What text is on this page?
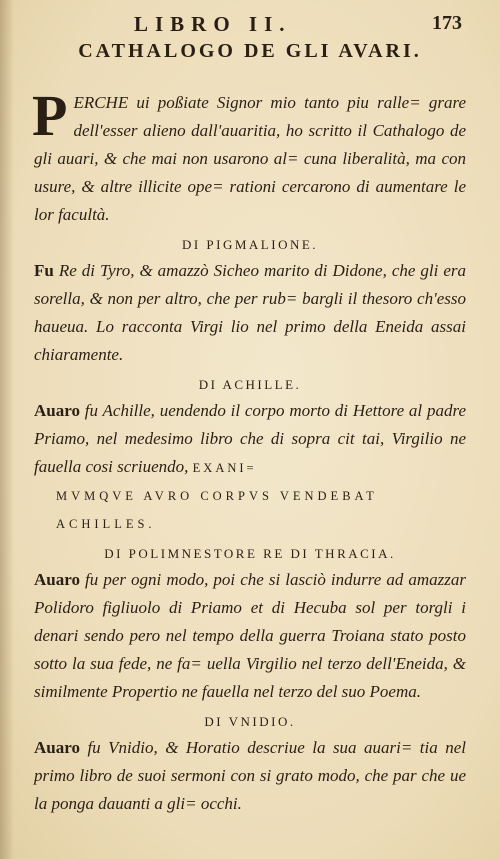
LIBRO II.	173
CATHALOGO DE GLI AVARI.

PERCHE ui poßiate Signor mio tanto piu ralle= grare dell'esser alieno dall'auaritia, ho scritto il Cathalogo de gli auari, & che mai non usarono al= cuna liberalità, ma con usure, & altre illicite ope= rationi cercarono di aumentare le lor facultà.

DI PIGMALIONE.

Fu Re di Tyro, & amazzò Sicheo marito di Didone, che gli era sorella, & non per altro, che per rub= bargli il thesoro ch'esso haueua. Lo racconta Virgi lio nel primo della Eneida assai chiaramente.

DI ACHILLE.

Auaro fu Achille, uendendo il corpo morto di Hettore al padre Priamo, nel medesimo libro che di sopra cit tai, Virgilio ne fauella cosi scriuendo, EXANI=

MVMQVE AVRO CORPVS VENDEBAT
ACHILLES.
DI POLIMNESTORE RE DI THRACIA.

Auaro fu per ogni modo, poi che si lasciò indurre ad amazzar Polidoro figliuolo di Priamo et di Hecuba sol per torgli i denari sendo pero nel tempo della guerra Troiana stato posto sotto la sua fede, ne fa= uella Virgilio nel terzo dell'Eneida, & similmente Propertio ne fauella nel terzo del suo Poema.

DI VNIDIO.

Auaro fu Vnidio, & Horatio descriue la sua auari= tia nel primo libro de suoi sermoni con si grato modo, che par che ue la ponga dauanti a gli= occhi.
